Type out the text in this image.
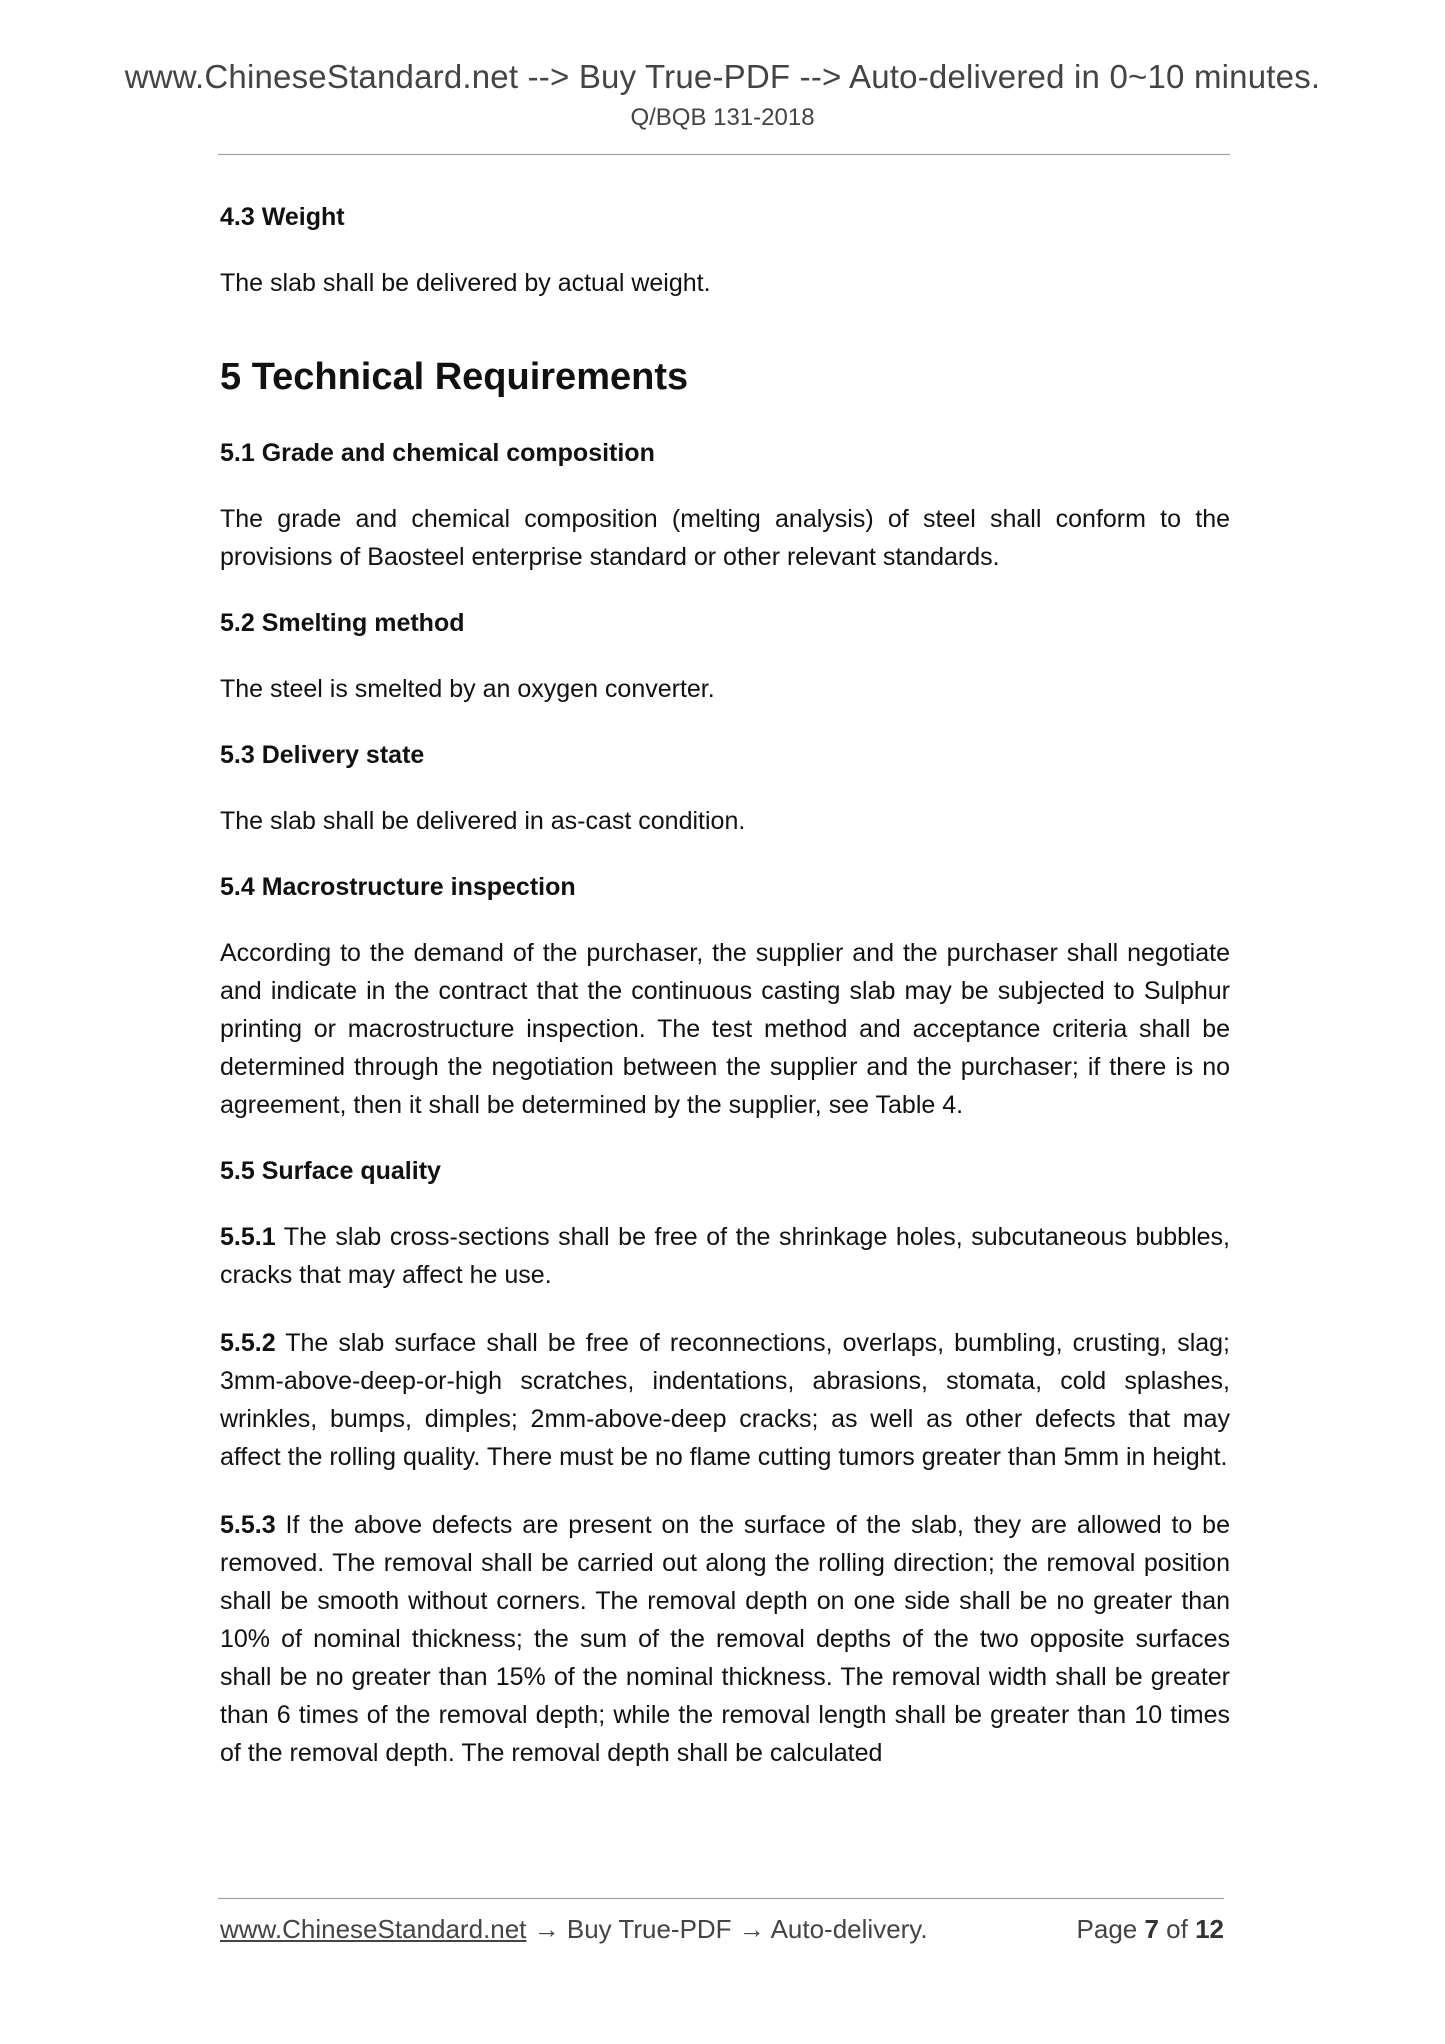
www.ChineseStandard.net --> Buy True-PDF --> Auto-delivered in 0~10 minutes.
Q/BQB 131-2018
4.3 Weight

The slab shall be delivered by actual weight.

5 Technical Requirements
5.1 Grade and chemical composition

The grade and chemical composition (melting analysis) of steel shall conform to the provisions of Baosteel enterprise standard or other relevant standards.

5.2 Smelting method

The steel is smelted by an oxygen converter.

5.3 Delivery state

The slab shall be delivered in as-cast condition.

5.4 Macrostructure inspection

According to the demand of the purchaser, the supplier and the purchaser shall negotiate and indicate in the contract that the continuous casting slab may be subjected to Sulphur printing or macrostructure inspection. The test method and acceptance criteria shall be determined through the negotiation between the supplier and the purchaser; if there is no agreement, then it shall be determined by the supplier, see Table 4.

5.5 Surface quality

5.5.1 The slab cross-sections shall be free of the shrinkage holes, subcutaneous bubbles, cracks that may affect he use.

5.5.2 The slab surface shall be free of reconnections, overlaps, bumbling, crusting, slag; 3mm-above-deep-or-high scratches, indentations, abrasions, stomata, cold splashes, wrinkles, bumps, dimples; 2mm-above-deep cracks; as well as other defects that may affect the rolling quality. There must be no flame cutting tumors greater than 5mm in height.

5.5.3 If the above defects are present on the surface of the slab, they are allowed to be removed. The removal shall be carried out along the rolling direction; the removal position shall be smooth without corners. The removal depth on one side shall be no greater than 10% of nominal thickness; the sum of the removal depths of the two opposite surfaces shall be no greater than 15% of the nominal thickness. The removal width shall be greater than 6 times of the removal depth; while the removal length shall be greater than 10 times of the removal depth. The removal depth shall be calculated

www.ChineseStandard.net → Buy True-PDF → Auto-delivery.	Page 7 of 12
